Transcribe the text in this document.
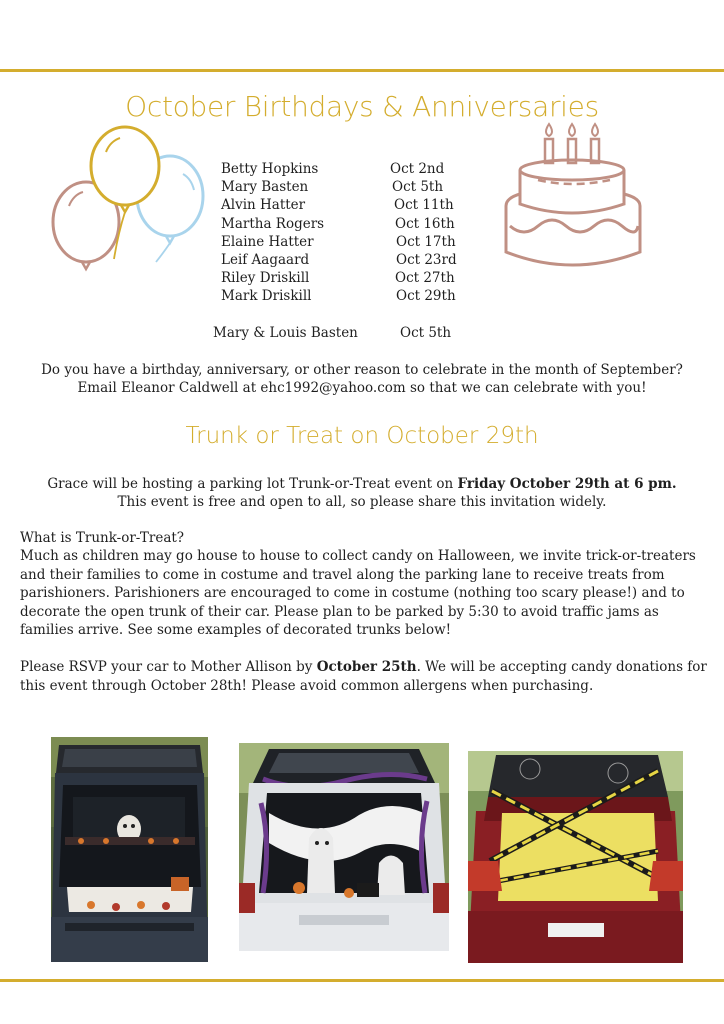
October Birthdays & Anniversaries
Betty Hopkins	Oct 2nd
Mary Basten	Oct 5th
Alvin Hatter	Oct 11th
Martha Rogers	Oct 16th
Elaine Hatter	Oct 17th
Leif Aagaard	Oct 23rd
Riley Driskill	Oct 27th
Mark Driskill	Oct 29th
Mary & Louis Basten	Oct 5th
Do you have a birthday, anniversary, or other reason to celebrate in the month of September?
Email Eleanor Caldwell at ehc1992@yahoo.com so that we can celebrate with you!
Trunk or Treat on October 29th
Grace will be hosting a parking lot Trunk-or-Treat event on Friday October 29th at 6 pm.
This event is free and open to all, so please share this invitation widely.
What is Trunk-or-Treat?
Much as children may go house to house to collect candy on Halloween, we invite trick-or-treaters and their families to come in costume and travel along the parking lane to receive treats from parishioners. Parishioners are encouraged to come in costume (nothing too scary please!) and to decorate the open trunk of their car. Please plan to be parked by 5:30 to avoid traffic jams as families arrive. See some examples of decorated trunks below!
Please RSVP your car to Mother Allison by October 25th. We will be accepting candy donations for this event through October 28th! Please avoid common allergens when purchasing.
